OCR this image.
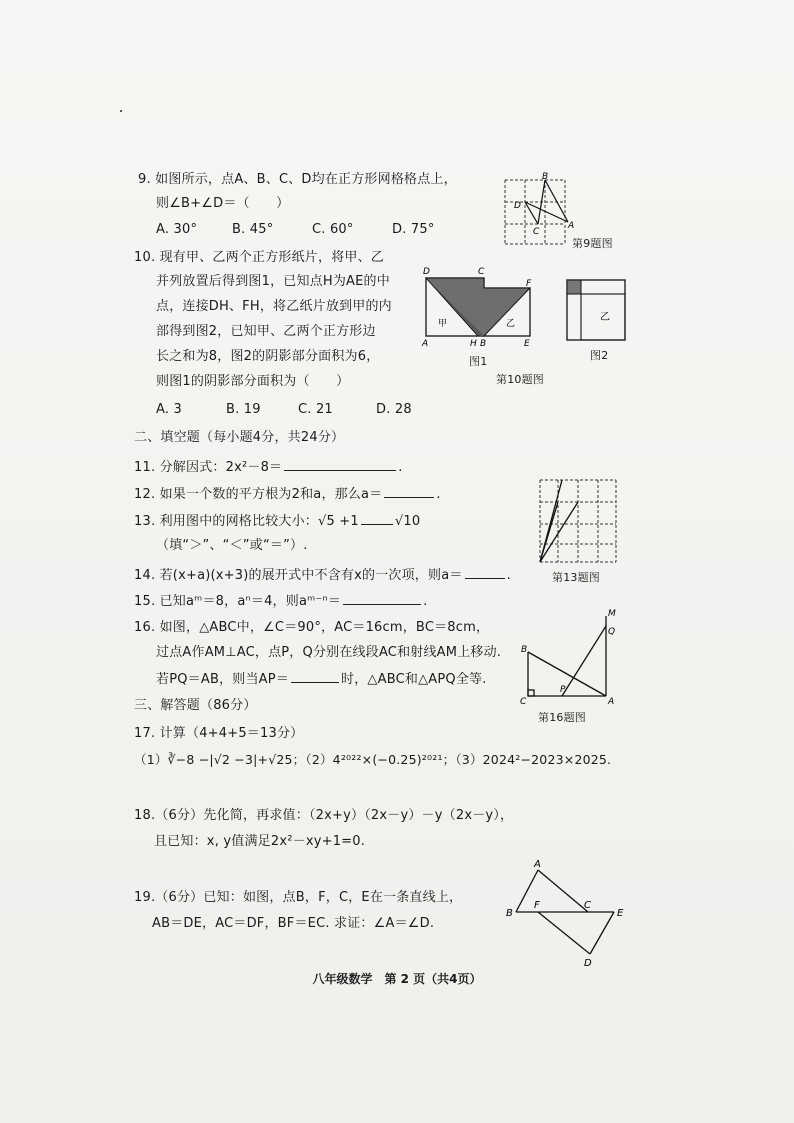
9. 如图所示，点A、B、C、D均在正方形网格格点上，
则∠B+∠D＝（　　）
A. 30°	B. 45°	C. 60°	D. 75°
B
D
C
A
第9题图
10. 现有甲、乙两个正方形纸片，将甲、乙
并列放置后得到图1，已知点H为AE的中
点，连接DH、FH，将乙纸片放到甲的内
部得到图2，已知甲、乙两个正方形边
长之和为8，图2的阴影部分面积为6，
则图1的阴影部分面积为（　　）
A. 3	B. 19	C. 21	D. 28
D	C
F
甲	乙
A	H B	E
图1
乙
图2
第10题图
二、填空题（每小题4分，共24分）
11. 分解因式：2x²－8＝	.
12. 如果一个数的平方根为2和a，那么a＝	.
13. 利用图中的网格比较大小：√5 +1	√10
（填“＞”、“＜”或“＝”）.
第13题图
14. 若(x+a)(x+3)的展开式中不含有x的一次项，则a＝	.
15. 已知aᵐ＝8，aⁿ＝4，则aᵐ⁻ⁿ＝	.
16. 如图，△ABC中，∠C＝90°，AC＝16cm，BC＝8cm，
过点A作AM⊥AC，点P，Q分别在线段AC和射线AM上移动.
若PQ＝AB，则当AP＝	时，△ABC和△APQ全等.
M
Q
B
C
P
A
第16题图
三、解答题（86分）
17. 计算（4+4+5＝13分）
（1）∛−8 −|√2 −3|+√25；（2）4²⁰²²×(−0.25)²⁰²¹；（3）2024²−2023×2025.
18.（6分）先化简，再求值：（2x+y）（2x－y）－y（2x－y），
且已知：x, y值满足2x²－xy+1=0.
19.（6分）已知：如图，点B，F，C，E在一条直线上，
AB＝DE，AC＝DF，BF＝EC. 求证：∠A＝∠D.
A
B
F	C
E
D
八年级数学　第 2 页（共4页）
